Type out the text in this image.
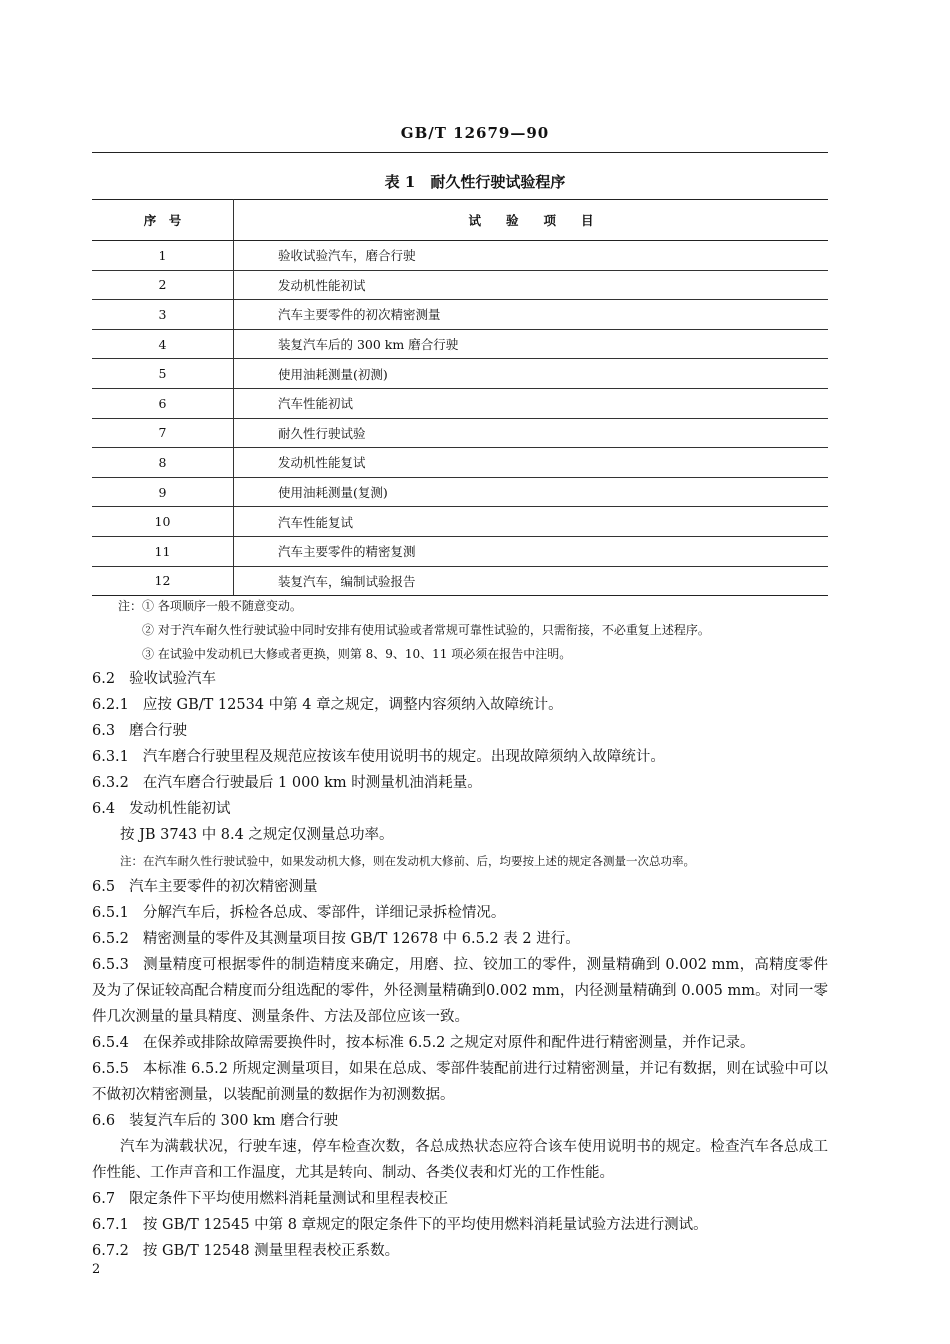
GB/T 12679—90
表 1　耐久性行驶试验程序
序　号	试　　验　　项　　目
1	验收试验汽车，磨合行驶
2	发动机性能初试
3	汽车主要零件的初次精密测量
4	装复汽车后的 300 km 磨合行驶
5	使用油耗测量(初测)
6	汽车性能初试
7	耐久性行驶试验
8	发动机性能复试
9	使用油耗测量(复测)
10	汽车性能复试
11	汽车主要零件的精密复测
12	装复汽车，编制试验报告
注：① 各项顺序一般不随意变动。
② 对于汽车耐久性行驶试验中同时安排有使用试验或者常规可靠性试验的，只需衔接，不必重复上述程序。
③ 在试验中发动机已大修或者更换，则第 8、9、10、11 项必须在报告中注明。

6.2 验收试验汽车

6.2.1 应按 GB/T 12534 中第 4 章之规定，调整内容须纳入故障统计。

6.3 磨合行驶

6.3.1 汽车磨合行驶里程及规范应按该车使用说明书的规定。出现故障须纳入故障统计。

6.3.2 在汽车磨合行驶最后 1 000 km 时测量机油消耗量。

6.4 发动机性能初试

按 JB 3743 中 8.4 之规定仅测量总功率。

注：在汽车耐久性行驶试验中，如果发动机大修，则在发动机大修前、后，均要按上述的规定各测量一次总功率。

6.5 汽车主要零件的初次精密测量

6.5.1 分解汽车后，拆检各总成、零部件，详细记录拆检情况。

6.5.2 精密测量的零件及其测量项目按 GB/T 12678 中 6.5.2 表 2 进行。

6.5.3 测量精度可根据零件的制造精度来确定，用磨、拉、铰加工的零件，测量精确到 0.002 mm，高精度零件及为了保证较高配合精度而分组选配的零件，外径测量精确到0.002 mm，内径测量精确到 0.005 mm。对同一零件几次测量的量具精度、测量条件、方法及部位应该一致。

6.5.4 在保养或排除故障需要换件时，按本标准 6.5.2 之规定对原件和配件进行精密测量，并作记录。

6.5.5 本标准 6.5.2 所规定测量项目，如果在总成、零部件装配前进行过精密测量，并记有数据，则在试验中可以不做初次精密测量，以装配前测量的数据作为初测数据。

6.6 装复汽车后的 300 km 磨合行驶

汽车为满载状况，行驶车速，停车检查次数，各总成热状态应符合该车使用说明书的规定。检查汽车各总成工作性能、工作声音和工作温度，尤其是转向、制动、各类仪表和灯光的工作性能。

6.7 限定条件下平均使用燃料消耗量测试和里程表校正

6.7.1 按 GB/T 12545 中第 8 章规定的限定条件下的平均使用燃料消耗量试验方法进行测试。

6.7.2 按 GB/T 12548 测量里程表校正系数。

2
